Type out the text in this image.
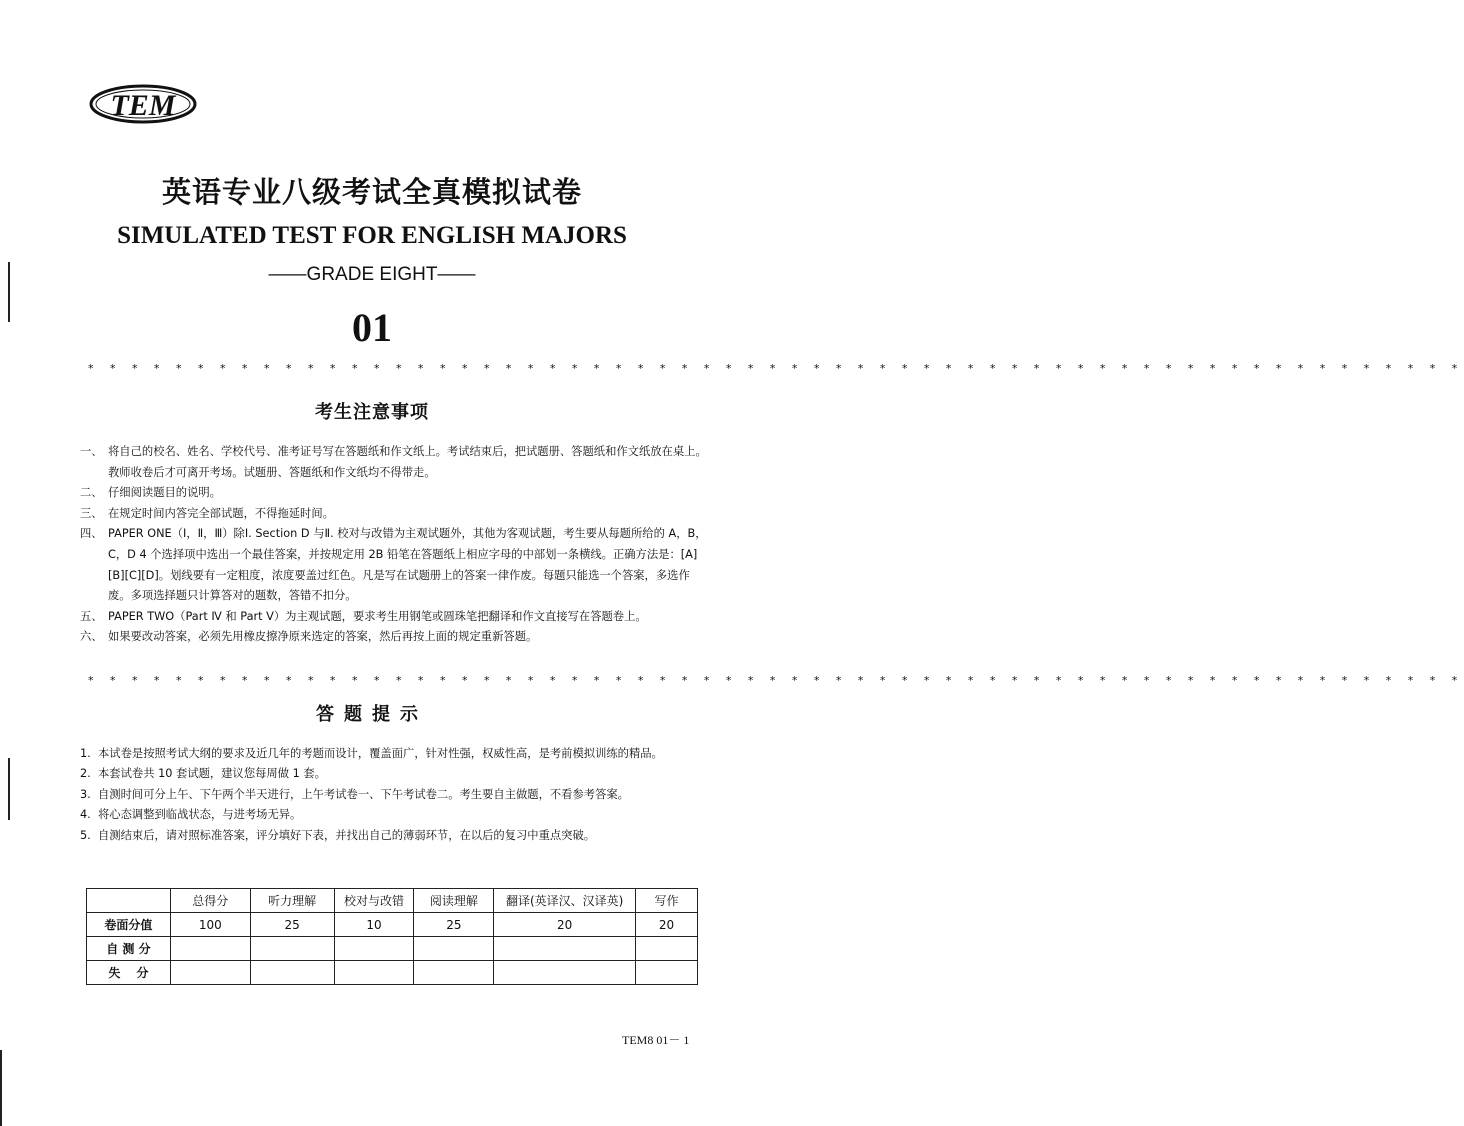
TEM
英语专业八级考试全真模拟试卷
SIMULATED TEST FOR ENGLISH MAJORS
——GRADE EIGHT——
01
* * * * * * * * * * * * * * * * * * * * * * * * * * * * * * * * * * * * * * * * * * * * * * * * * * * * * * * * * * * * * * *
考生注意事项
一、 将自己的校名、姓名、学校代号、准考证号写在答题纸和作文纸上。考试结束后，把试题册、答题纸和作文纸放在桌上。教师收卷后才可离开考场。试题册、答题纸和作文纸均不得带走。
二、 仔细阅读题目的说明。
三、 在规定时间内答完全部试题，不得拖延时间。
四、 PAPER ONE（Ⅰ，Ⅱ，Ⅲ）除Ⅰ. Section D 与Ⅱ. 校对与改错为主观试题外，其他为客观试题，考生要从每题所给的 A，B，C，D 4 个选择项中选出一个最佳答案，并按规定用 2B 铅笔在答题纸上相应字母的中部划一条横线。正确方法是：[A][B][C][D]。划线要有一定粗度，浓度要盖过红色。凡是写在试题册上的答案一律作废。每题只能选一个答案，多选作废。多项选择题只计算答对的题数，答错不扣分。
五、 PAPER TWO（Part Ⅳ 和 Part Ⅴ）为主观试题，要求考生用钢笔或圆珠笔把翻译和作文直接写在答题卷上。
六、 如果要改动答案，必须先用橡皮擦净原来选定的答案，然后再按上面的规定重新答题。
* * * * * * * * * * * * * * * * * * * * * * * * * * * * * * * * * * * * * * * * * * * * * * * * * * * * * * * * * * * * * * *
答题提示
1. 本试卷是按照考试大纲的要求及近几年的考题而设计，覆盖面广，针对性强，权威性高，是考前模拟训练的精品。
2. 本套试卷共 10 套试题，建议您每周做 1 套。
3. 自测时间可分上午、下午两个半天进行，上午考试卷一、下午考试卷二。考生要自主做题，不看参考答案。
4. 将心态调整到临战状态，与进考场无异。
5. 自测结束后，请对照标准答案，评分填好下表，并找出自己的薄弱环节，在以后的复习中重点突破。
	总得分	听力理解	校对与改错	阅读理解	翻译(英译汉、汉译英)	写作
卷面分值	100	25	10	25	20	20
自 测 分						
失　 分						
TEM8 01－ 1
